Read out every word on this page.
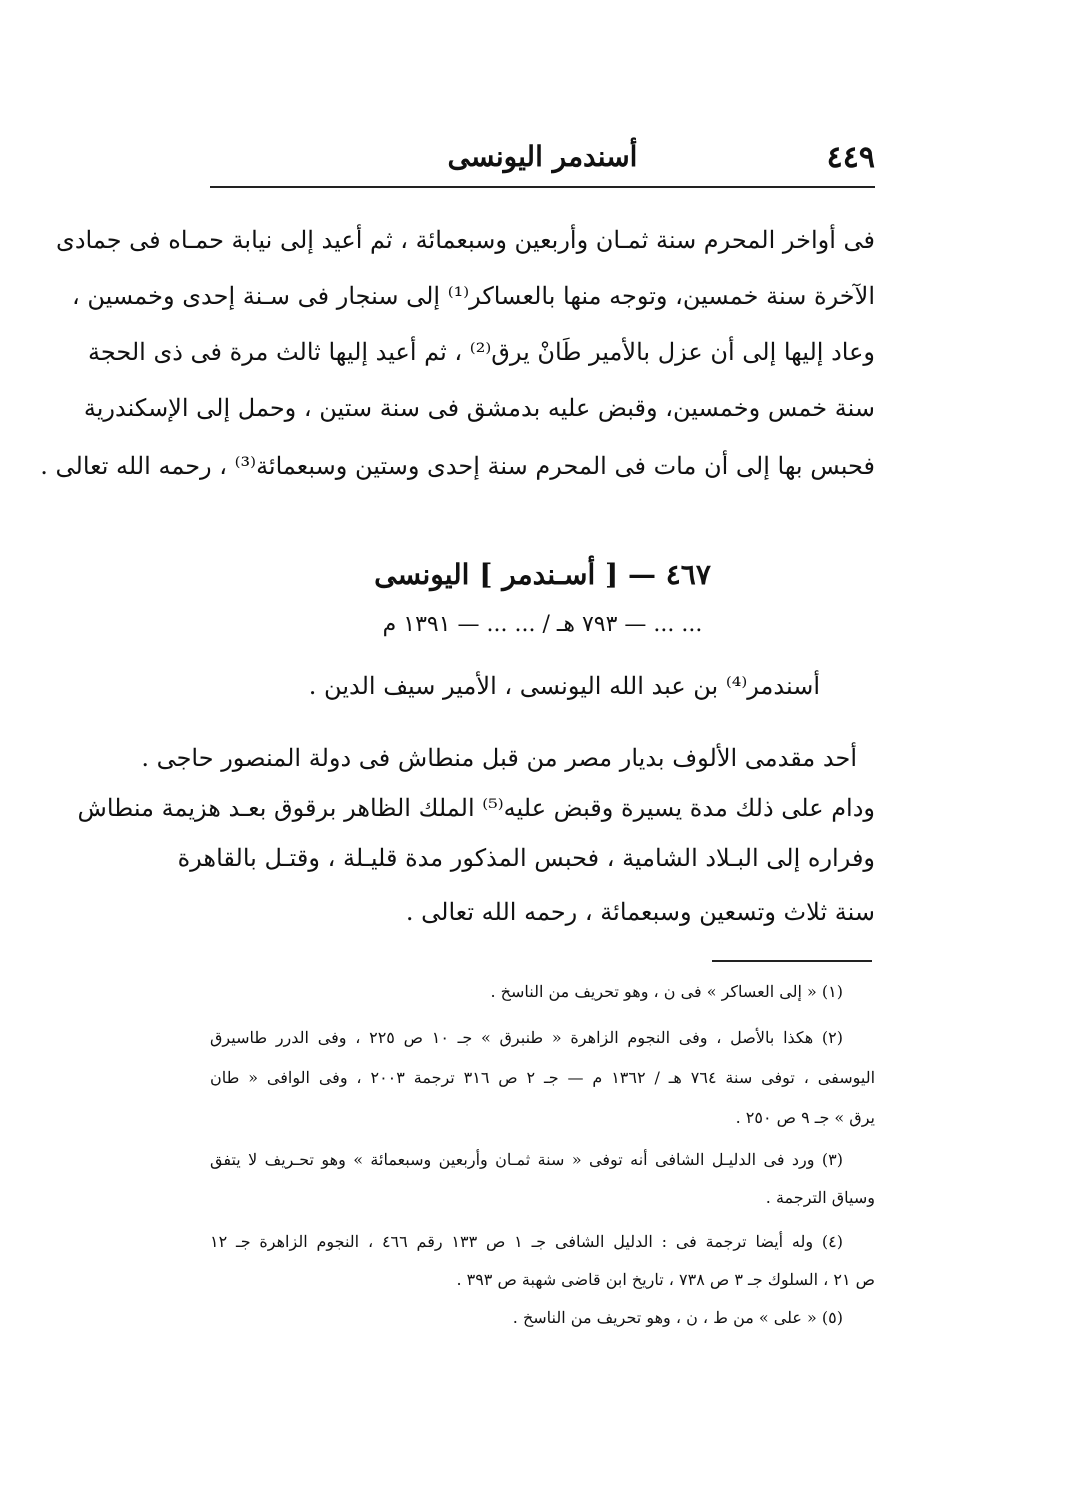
أسندمر اليونسى	٤٤٩
فى أواخر المحرم سنة ثمـان وأربعين وسبعمائة ، ثم أعيد إلى نيابة حمـاه فى جمادى
الآخرة سنة خمسين، وتوجه منها بالعساكر⁽¹⁾ إلى سنجار فى سـنة إحدى وخمسين ،
وعاد إليها إلى أن عزل بالأمير طَانْ يرق⁽²⁾ ، ثم أعيد إليها ثالث مرة فى ذى الحجة
سنة خمس وخمسين، وقبض عليه بدمشق فى سنة ستين ، وحمل إلى الإسكندرية
فحبس بها إلى أن مات فى المحرم سنة إحدى وستين وسبعمائة⁽³⁾ ، رحمه الله تعالى .
٤٦٧ — [ أسـندمر ] اليونسى
... ... — ٧٩٣ هـ / ... ... — ١٣٩١ م
أسندمر⁽⁴⁾ بن عبد الله اليونسى ، الأمير سيف الدين .
أحد مقدمى الألوف بديار مصر من قبل منطاش فى دولة المنصور حاجى .
ودام على ذلك مدة يسيرة وقبض عليه⁽⁵⁾ الملك الظاهر برقوق بعـد هزيمة منطاش
وفراره إلى البـلاد الشامية ، فحبس المذكور مدة قليـلة ، وقتـل بالقاهرة
سنة ثلاث وتسعين وسبعمائة ، رحمه الله تعالى .
(١) « إلى العساكر » فى ن ، وهو تحريف من الناسخ .
(٢) هكذا بالأصل ، وفى النجوم الزاهرة « طنبرق » جـ ١٠ ص ٢٢٥ ، وفى الدرر طاسيرق
اليوسفى ، توفى سنة ٧٦٤ هـ / ١٣٦٢ م — جـ ٢ ص ٣١٦ ترجمة ٢٠٠٣ ، وفى الوافى « طان
يرق » جـ ٩ ص ٢٥٠ .
(٣) ورد فى الدليـل الشافى أنه توفى « سنة ثمـان وأربعين وسبعمائة » وهو تحـريف لا يتفق
وسياق الترجمة .
(٤) وله أيضا ترجمة فى : الدليل الشافى جـ ١ ص ١٣٣ رقم ٤٦٦ ، النجوم الزاهرة جـ ١٢
ص ٢١ ، السلوك جـ ٣ ص ٧٣٨ ، تاريخ ابن قاضى شهبة ص ٣٩٣ .
(٥) « على » من ط ، ن ، وهو تحريف من الناسخ .
